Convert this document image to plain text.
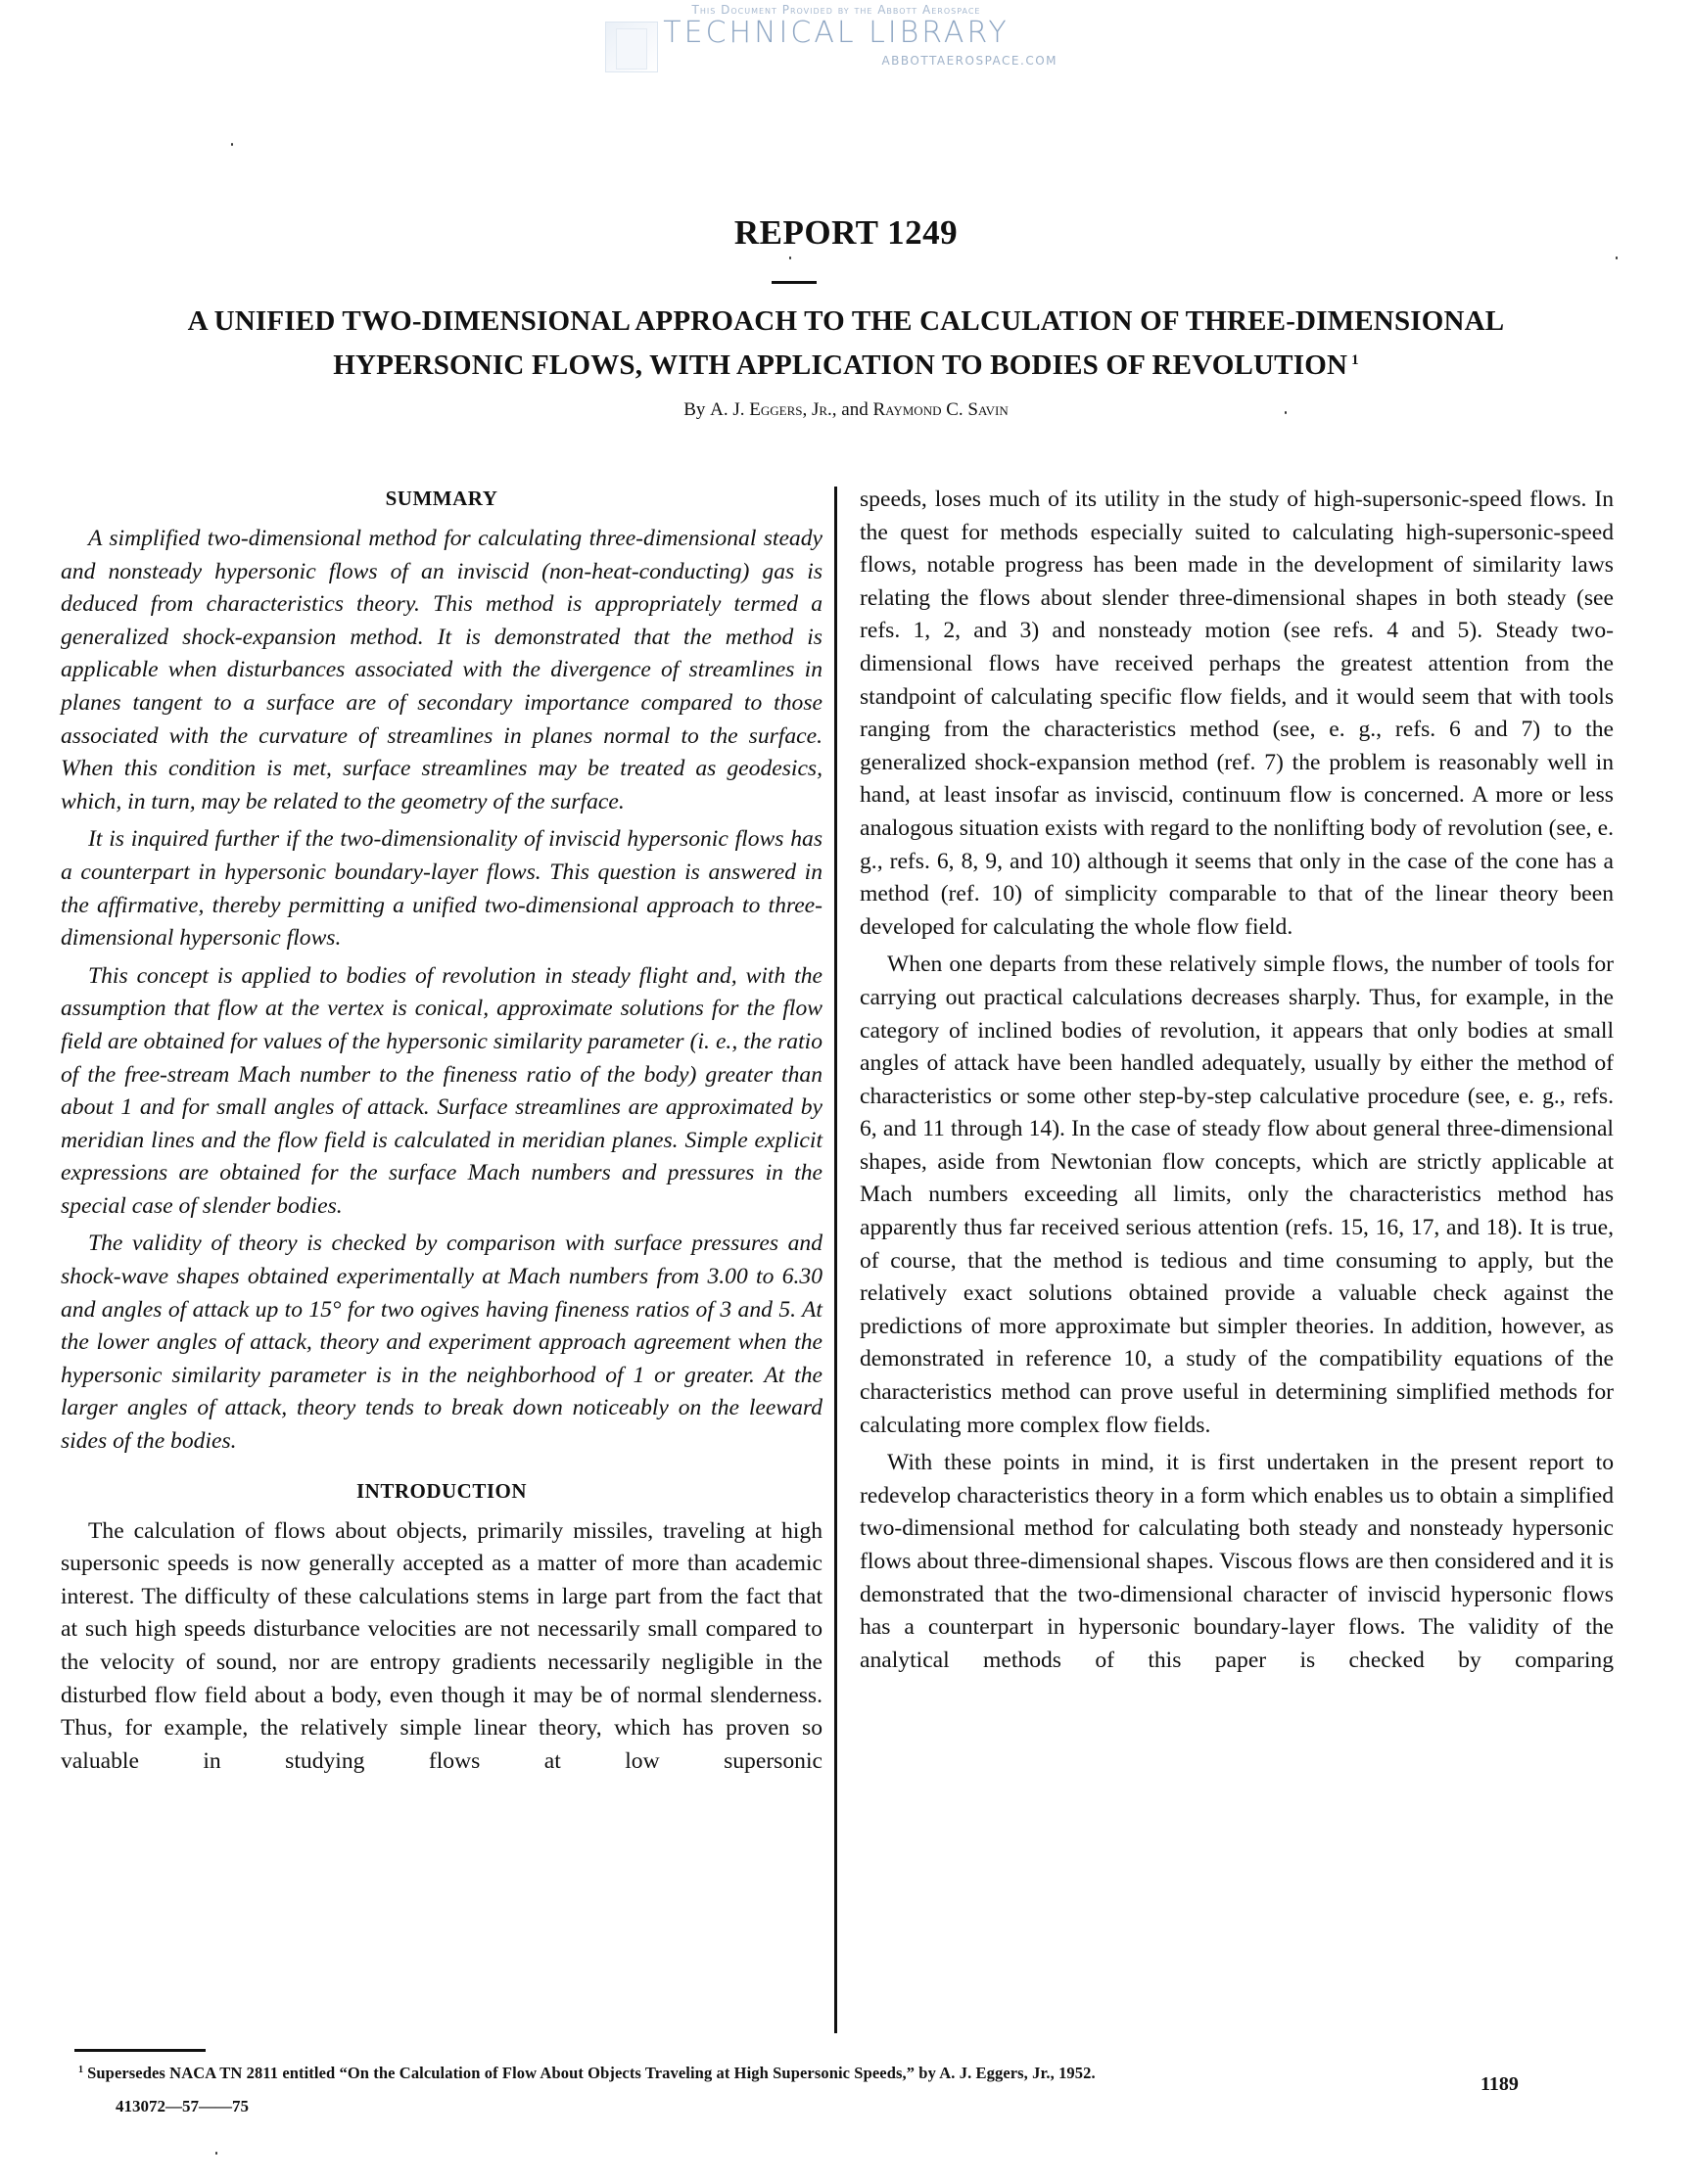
This Document Provided by the Abbott Aerospace
TECHNICAL LIBRARY
ABBOTTAEROSPACE.COM
REPORT 1249
A UNIFIED TWO-DIMENSIONAL APPROACH TO THE CALCULATION OF THREE-DIMENSIONAL
HYPERSONIC FLOWS, WITH APPLICATION TO BODIES OF REVOLUTION $^1$
By A. J. Eggers, Jr., and Raymond C. Savin
SUMMARY

A simplified two-dimensional method for calculating three-dimensional steady and nonsteady hypersonic flows of an inviscid (non-heat-conducting) gas is deduced from characteristics theory. This method is appropriately termed a generalized shock-expansion method. It is demonstrated that the method is applicable when disturbances associated with the divergence of streamlines in planes tangent to a surface are of secondary importance compared to those associated with the curvature of streamlines in planes normal to the surface. When this condition is met, surface streamlines may be treated as geodesics, which, in turn, may be related to the geometry of the surface.

It is inquired further if the two-dimensionality of inviscid hypersonic flows has a counterpart in hypersonic boundary-layer flows. This question is answered in the affirmative, thereby permitting a unified two-dimensional approach to three-dimensional hypersonic flows.

This concept is applied to bodies of revolution in steady flight and, with the assumption that flow at the vertex is conical, approximate solutions for the flow field are obtained for values of the hypersonic similarity parameter (i. e., the ratio of the free-stream Mach number to the fineness ratio of the body) greater than about 1 and for small angles of attack. Surface streamlines are approximated by meridian lines and the flow field is calculated in meridian planes. Simple explicit expressions are obtained for the surface Mach numbers and pressures in the special case of slender bodies.

The validity of theory is checked by comparison with surface pressures and shock-wave shapes obtained experimentally at Mach numbers from 3.00 to 6.30 and angles of attack up to 15° for two ogives having fineness ratios of 3 and 5. At the lower angles of attack, theory and experiment approach agreement when the hypersonic similarity parameter is in the neighborhood of 1 or greater. At the larger angles of attack, theory tends to break down noticeably on the leeward sides of the bodies.

INTRODUCTION

The calculation of flows about objects, primarily missiles, traveling at high supersonic speeds is now generally accepted as a matter of more than academic interest. The difficulty of these calculations stems in large part from the fact that at such high speeds disturbance velocities are not necessarily small compared to the velocity of sound, nor are entropy gradients necessarily negligible in the disturbed flow field about a body, even though it may be of normal slenderness. Thus, for example, the relatively simple linear theory, which has proven so valuable in studying flows at low supersonic

speeds, loses much of its utility in the study of high-supersonic-speed flows. In the quest for methods especially suited to calculating high-supersonic-speed flows, notable progress has been made in the development of similarity laws relating the flows about slender three-dimensional shapes in both steady (see refs. 1, 2, and 3) and nonsteady motion (see refs. 4 and 5). Steady two-dimensional flows have received perhaps the greatest attention from the standpoint of calculating specific flow fields, and it would seem that with tools ranging from the characteristics method (see, e. g., refs. 6 and 7) to the generalized shock-expansion method (ref. 7) the problem is reasonably well in hand, at least insofar as inviscid, continuum flow is concerned. A more or less analogous situation exists with regard to the nonlifting body of revolution (see, e. g., refs. 6, 8, 9, and 10) although it seems that only in the case of the cone has a method (ref. 10) of simplicity comparable to that of the linear theory been developed for calculating the whole flow field.

When one departs from these relatively simple flows, the number of tools for carrying out practical calculations decreases sharply. Thus, for example, in the category of inclined bodies of revolution, it appears that only bodies at small angles of attack have been handled adequately, usually by either the method of characteristics or some other step-by-step calculative procedure (see, e. g., refs. 6, and 11 through 14). In the case of steady flow about general three-dimensional shapes, aside from Newtonian flow concepts, which are strictly applicable at Mach numbers exceeding all limits, only the characteristics method has apparently thus far received serious attention (refs. 15, 16, 17, and 18). It is true, of course, that the method is tedious and time consuming to apply, but the relatively exact solutions obtained provide a valuable check against the predictions of more approximate but simpler theories. In addition, however, as demonstrated in reference 10, a study of the compatibility equations of the characteristics method can prove useful in determining simplified methods for calculating more complex flow fields.

With these points in mind, it is first undertaken in the present report to redevelop characteristics theory in a form which enables us to obtain a simplified two-dimensional method for calculating both steady and nonsteady hypersonic flows about three-dimensional shapes. Viscous flows are then considered and it is demonstrated that the two-dimensional character of inviscid hypersonic flows has a counterpart in hypersonic boundary-layer flows. The validity of the analytical methods of this paper is checked by comparing

$^1$ Supersedes NACA TN 2811 entitled “On the Calculation of Flow About Objects Traveling at High Supersonic Speeds,” by A. J. Eggers, Jr., 1952.
413072—57——75
1189
